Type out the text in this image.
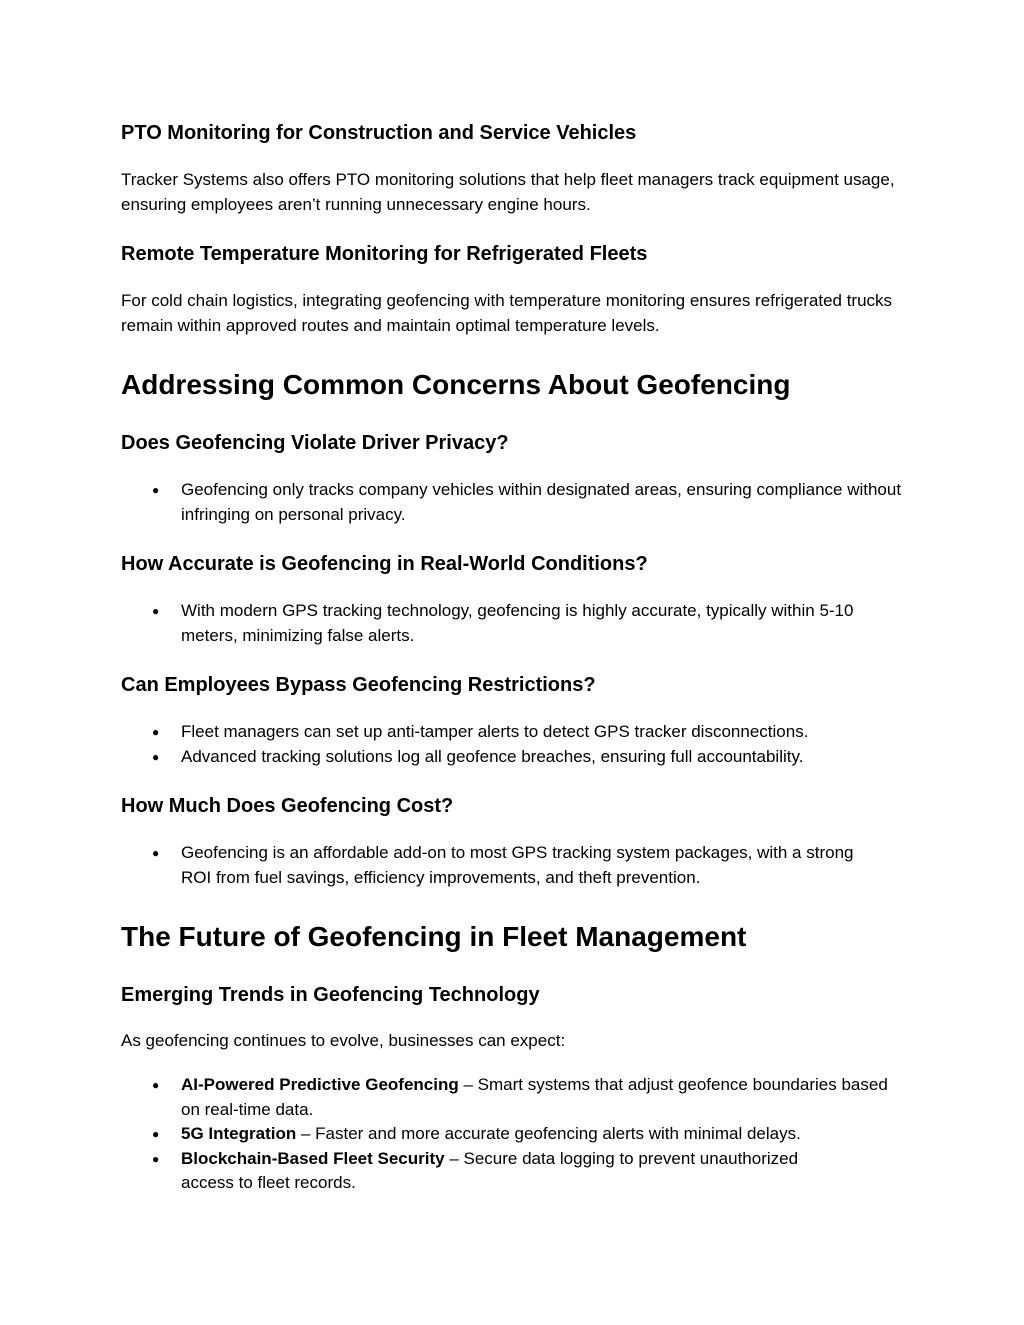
PTO Monitoring for Construction and Service Vehicles

Tracker Systems also offers PTO monitoring solutions that help fleet managers track equipment usage, ensuring employees aren’t running unnecessary engine hours.

Remote Temperature Monitoring for Refrigerated Fleets

For cold chain logistics, integrating geofencing with temperature monitoring ensures refrigerated trucks remain within approved routes and maintain optimal temperature levels.

Addressing Common Concerns About Geofencing
Does Geofencing Violate Driver Privacy?
● Geofencing only tracks company vehicles within designated areas, ensuring compliance without infringing on personal privacy.
How Accurate is Geofencing in Real-World Conditions?
● With modern GPS tracking technology, geofencing is highly accurate, typically within 5-10 meters, minimizing false alerts.
Can Employees Bypass Geofencing Restrictions?
● Fleet managers can set up anti-tamper alerts to detect GPS tracker disconnections.
● Advanced tracking solutions log all geofence breaches, ensuring full accountability.
How Much Does Geofencing Cost?
● Geofencing is an affordable add-on to most GPS tracking system packages, with a strong ROI from fuel savings, efficiency improvements, and theft prevention.
The Future of Geofencing in Fleet Management
Emerging Trends in Geofencing Technology

As geofencing continues to evolve, businesses can expect:

● AI-Powered Predictive Geofencing – Smart systems that adjust geofence boundaries based on real-time data.
● 5G Integration – Faster and more accurate geofencing alerts with minimal delays.
● Blockchain-Based Fleet Security – Secure data logging to prevent unauthorized access to fleet records.
